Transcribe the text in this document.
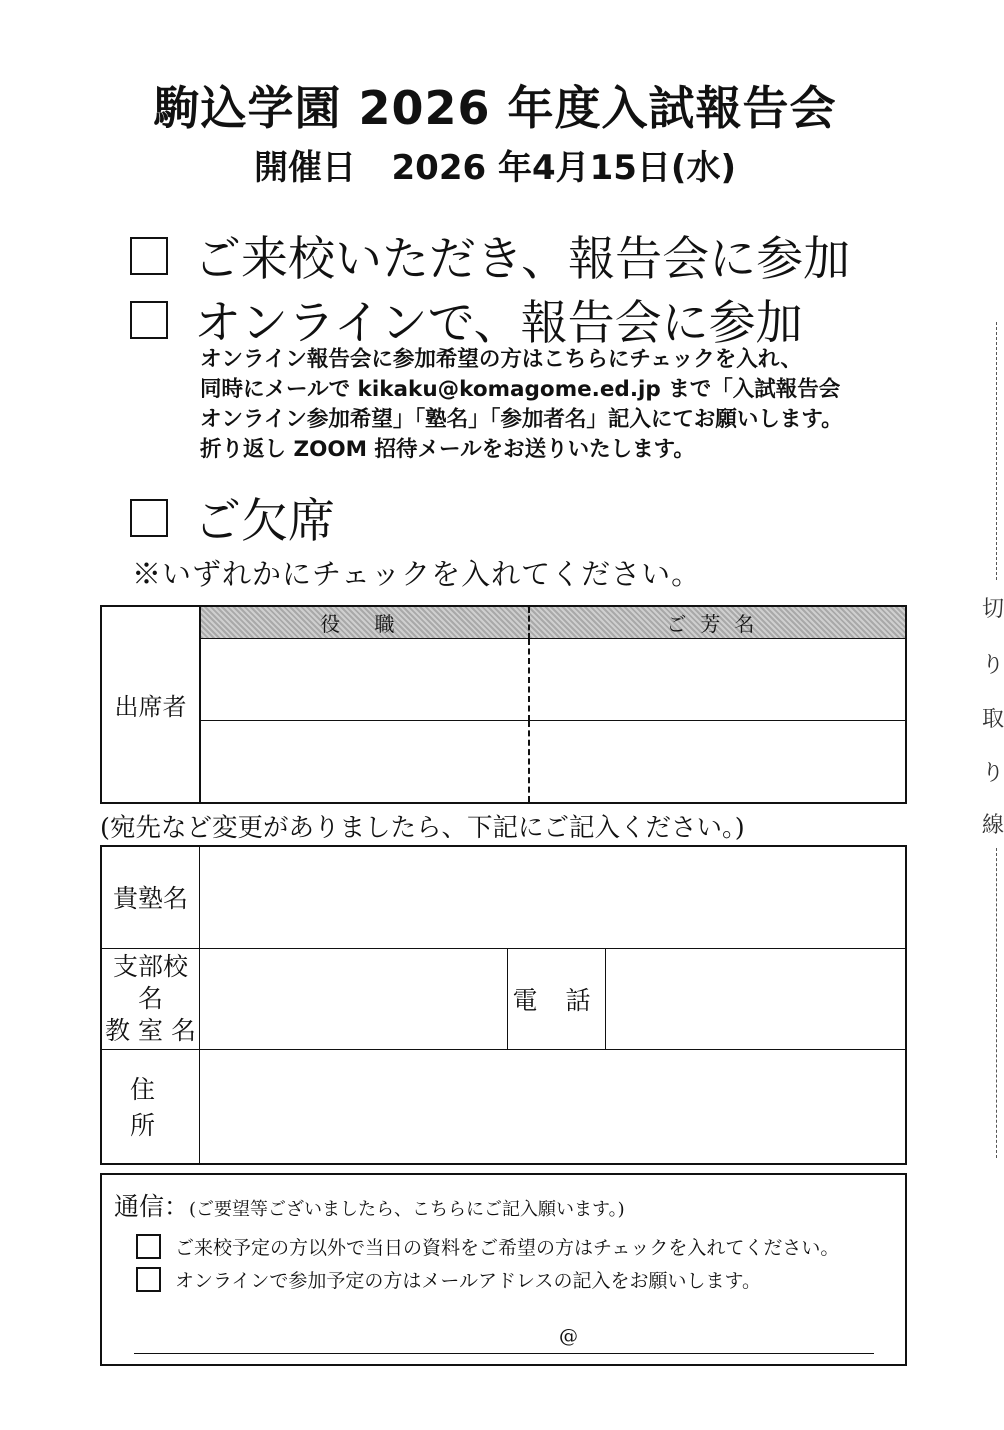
駒込学園 2026 年度入試報告会
開催日 2026 年4月15日(水)
ご来校いただき、報告会に参加
オンラインで、報告会に参加
オンライン報告会に参加希望の方はこちらにチェックを入れ、
同時にメールで kikaku@komagome.ed.jp まで「入試報告会
オンライン参加希望」「塾名」「参加者名」記入にてお願いします。
折り返し ZOOM 招待メールをお送りいたします。
ご欠席
※いずれかにチェックを入れてください。
出席者	役 職	ご芳名

(宛先など変更がありましたら、下記にご記入ください。)
貴塾名			

支部校名
教 室 名		電 話	
住 所			
通信：(ご要望等ございましたら、こちらにご記入願います。)
ご来校予定の方以外で当日の資料をご希望の方はチェックを入れてください。
オンラインで参加予定の方はメールアドレスの記入をお願いします。
@
切
り
取
り
線
